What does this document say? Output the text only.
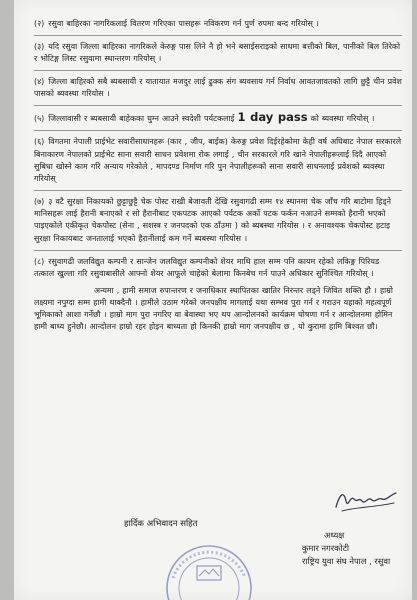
(२) रसुवा बाहिरका नागरिकलाई वितरण गरिएका पासहरू नविकरण गर्न पुर्ण रुपमा बन्द गरियोस् ।

(३) यदि रसुवा जिल्ला बाहिरका नागरिकले केरुङ्ग पास लिने नै हो भने बसाईसराइको साधमा बत्तीको बिल, पानीको बिल तिरेको र भोटिङ्ग लिस्ट रसुवामा स्थान्तरण गरियोस् ।

(४) जिल्ला बाहिरको सबै ब्यबसायी र यातायात मजदुर लाई ढुक्क संग ब्यवसाय गर्न निर्वाध आवतजावतको लागि छुट्टै चीन प्रवेश पासको ब्यवस्था गरियोस ।

(५) जिल्लावासी र ब्यबसायी बाहेकका घुम्न आउने स्वदेशी पर्यटकलाई 1 day pass को ब्यवस्था गरियोस् ।

(६) विगतमा नेपाली प्राईभेट सवारीसाधानहरू (कार , जीप, बाईक) केरुङ्ग प्रवेश दिईरहेकोमा केही वर्ष अघिबाट नेपाल सरकारले बिनाकारण नेपालको प्राईभेट साना सवारी साधन प्रवेशमा रोक लगाई , चीन सरकारले गरि खाने नेपालीहरूलाई दिदै आएको सुबिधा खोस्ने काम गरि अन्याय गरेकोले , मापदण्ड निर्माण गरि पुन नेपालीहरूको साना सवारी साधनलाई प्रवेशको ब्यवस्था गरियोस्

(७) ३ वटै सुरक्षा निकायको छुट्टाछुट्टै चेक पोस्ट राखी बेजावती देखि रसुवागढी सम्म १४ स्थानमा चेक जाँच गरि बाटोमा हिड्ने मानिसहरू लाई हैरानी बनाएको र सो हैरानीबाट एकपटक आएको पर्यटक अर्को पटक फर्कन नआउने सम्मको हैरानी भएको पाइएकोले एकीकृत चेकपोस्ट (सेना , सशस्त्र र जनपदको एक ठाँउमा ) को ब्यबस्था गरियोस । र अनावश्यक चेकपोस्ट हटाइ सुरक्षा निकायबाट जनतालाई भएको हैरानीलाई कम गर्ने ब्यबस्था गरियोस ।

(८) रसुवागढी जलविद्युत कम्पनी र सान्जेन जलविद्युत कम्पनीको शेयर माथि हाल सम्म पनि कायम रहेको लकिङ्ग पिरियड तत्काल खुल्ला गरि रसुवाबासीले आफ्नो शेयर आफूले चाहेको बेलामा किनबेच गर्न पाउने अधिकार सुनिश्चित गरियोस् ।

अन्यमा , हामी समाज रुपान्तरण र जनाधिकार स्थापितका खातिर निरन्तर लड्ने जिवित शक्ति हौ । हाम्रो लक्ष्यमा नपुग्दा सम्म हामी थाक्दैनौ । हामीले उठाम गरेको जनपक्षीय मागलाई यथा सम्भव पुरा गर्न र गराउन यहाको महत्वपूर्ण भूमिकाको आशा गर्नेछौ । हाम्रो माग पुरा नगरिए वा बेवास्था भए थप आन्दोलनको कार्यक्रम घोषणा गर्न र आन्दोलनमा होमिन हामी बाध्य हुनेछौ। आन्दोलन हाम्रो रहर होइन बाध्यता हो किनकी हाम्रो माग जनपक्षीय छ , यो कुरामा हामि बिश्वत छौ।

हार्दिक अभिवादन सहित
अध्यक्ष
कुमार नगरकोटी
राष्ट्रिय युवा संघ नेपाल , रसुवा
